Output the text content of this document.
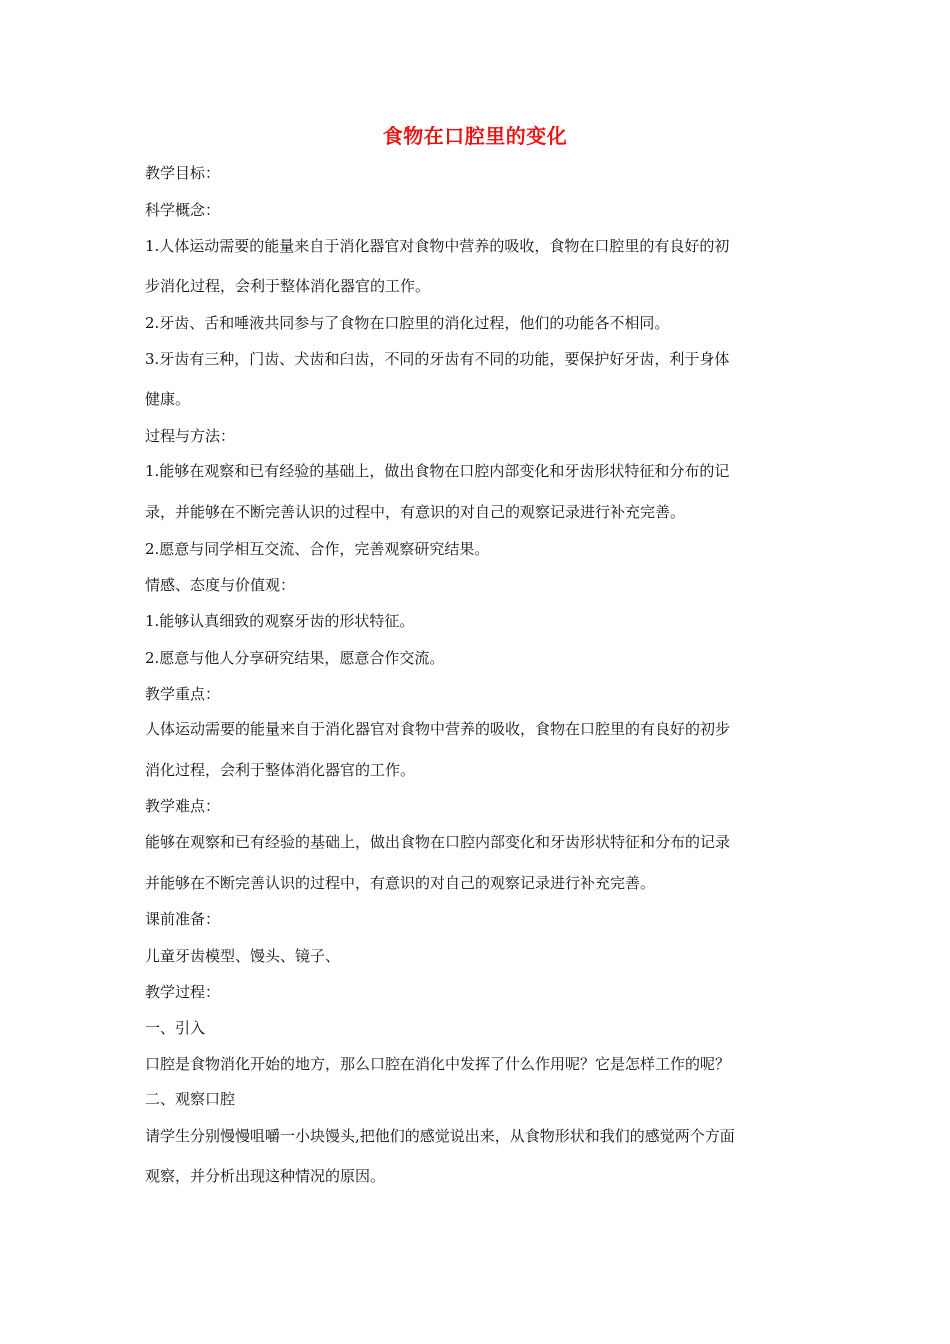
食物在口腔里的变化
教学目标：
科学概念：
1.人体运动需要的能量来自于消化器官对食物中营养的吸收，食物在口腔里的有良好的初
步消化过程，会利于整体消化器官的工作。
2.牙齿、舌和唾液共同参与了食物在口腔里的消化过程，他们的功能各不相同。
3.牙齿有三种，门齿、犬齿和臼齿，不同的牙齿有不同的功能，要保护好牙齿，利于身体
健康。
过程与方法：
1.能够在观察和已有经验的基础上，做出食物在口腔内部变化和牙齿形状特征和分布的记
录，并能够在不断完善认识的过程中，有意识的对自己的观察记录进行补充完善。
2.愿意与同学相互交流、合作，完善观察研究结果。
情感、态度与价值观：
1.能够认真细致的观察牙齿的形状特征。
2.愿意与他人分享研究结果，愿意合作交流。
教学重点：
人体运动需要的能量来自于消化器官对食物中营养的吸收，食物在口腔里的有良好的初步
消化过程，会利于整体消化器官的工作。
教学难点：
能够在观察和已有经验的基础上，做出食物在口腔内部变化和牙齿形状特征和分布的记录
并能够在不断完善认识的过程中，有意识的对自己的观察记录进行补充完善。
课前准备：
儿童牙齿模型、馒头、镜子、
教学过程：
一、引入
口腔是食物消化开始的地方，那么口腔在消化中发挥了什么作用呢？它是怎样工作的呢？
二、观察口腔
请学生分别慢慢咀嚼一小块馒头,把他们的感觉说出来，从食物形状和我们的感觉两个方面
观察，并分析出现这种情况的原因。
